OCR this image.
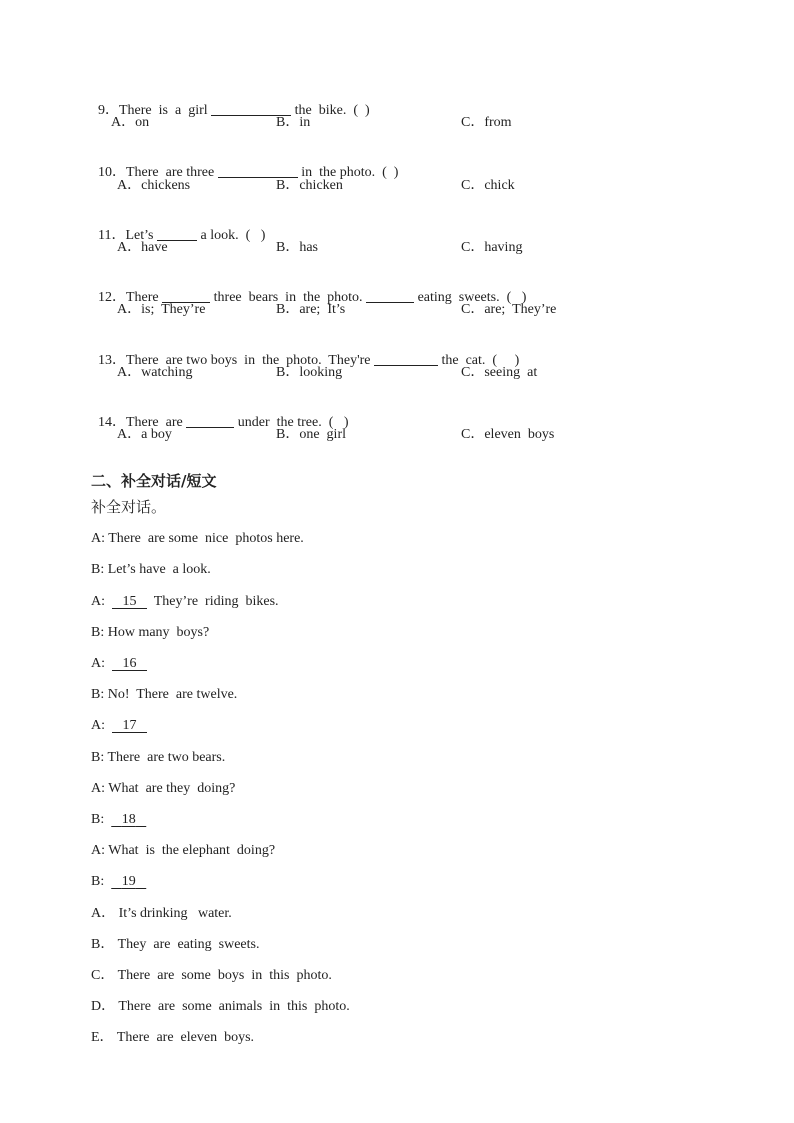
9．There  is  a  girl	the  bike.  (  )

A．on	B．in	C．from

10．There  are three	in  the photo.  (  )

A．chickens	B．chicken	C．chick

11．Let’s	a look.  (   )

A．have	B．has	C．having

12．There	three  bears  in  the  photo.	eating  sweets.  (   )

A．is;  They’re	B．are;  It’s	C．are;  They’re

13．There  are two boys  in  the  photo.  They're	the  cat.  (     )

A．watching	B．looking	C．seeing  at

14．There  are	under  the tree.  (   )

A．a boy	B．one  girl	C．eleven  boys
二、补全对话/短文
补全对话。
A: There  are some  nice  photos here.
B: Let’s have  a look.
A: 15 They’re  riding  bikes.
B: How many  boys?
A: 16
B: No!  There  are twelve.
A: 17
B: There  are two bears.
A: What  are they  doing?
B: 18
A: What  is  the elephant  doing?
B: 19
A． It’s drinking   water.
B． They  are  eating  sweets.
C． There  are  some  boys  in  this  photo.
D． There  are  some  animals  in  this  photo.
E． There  are  eleven  boys.
